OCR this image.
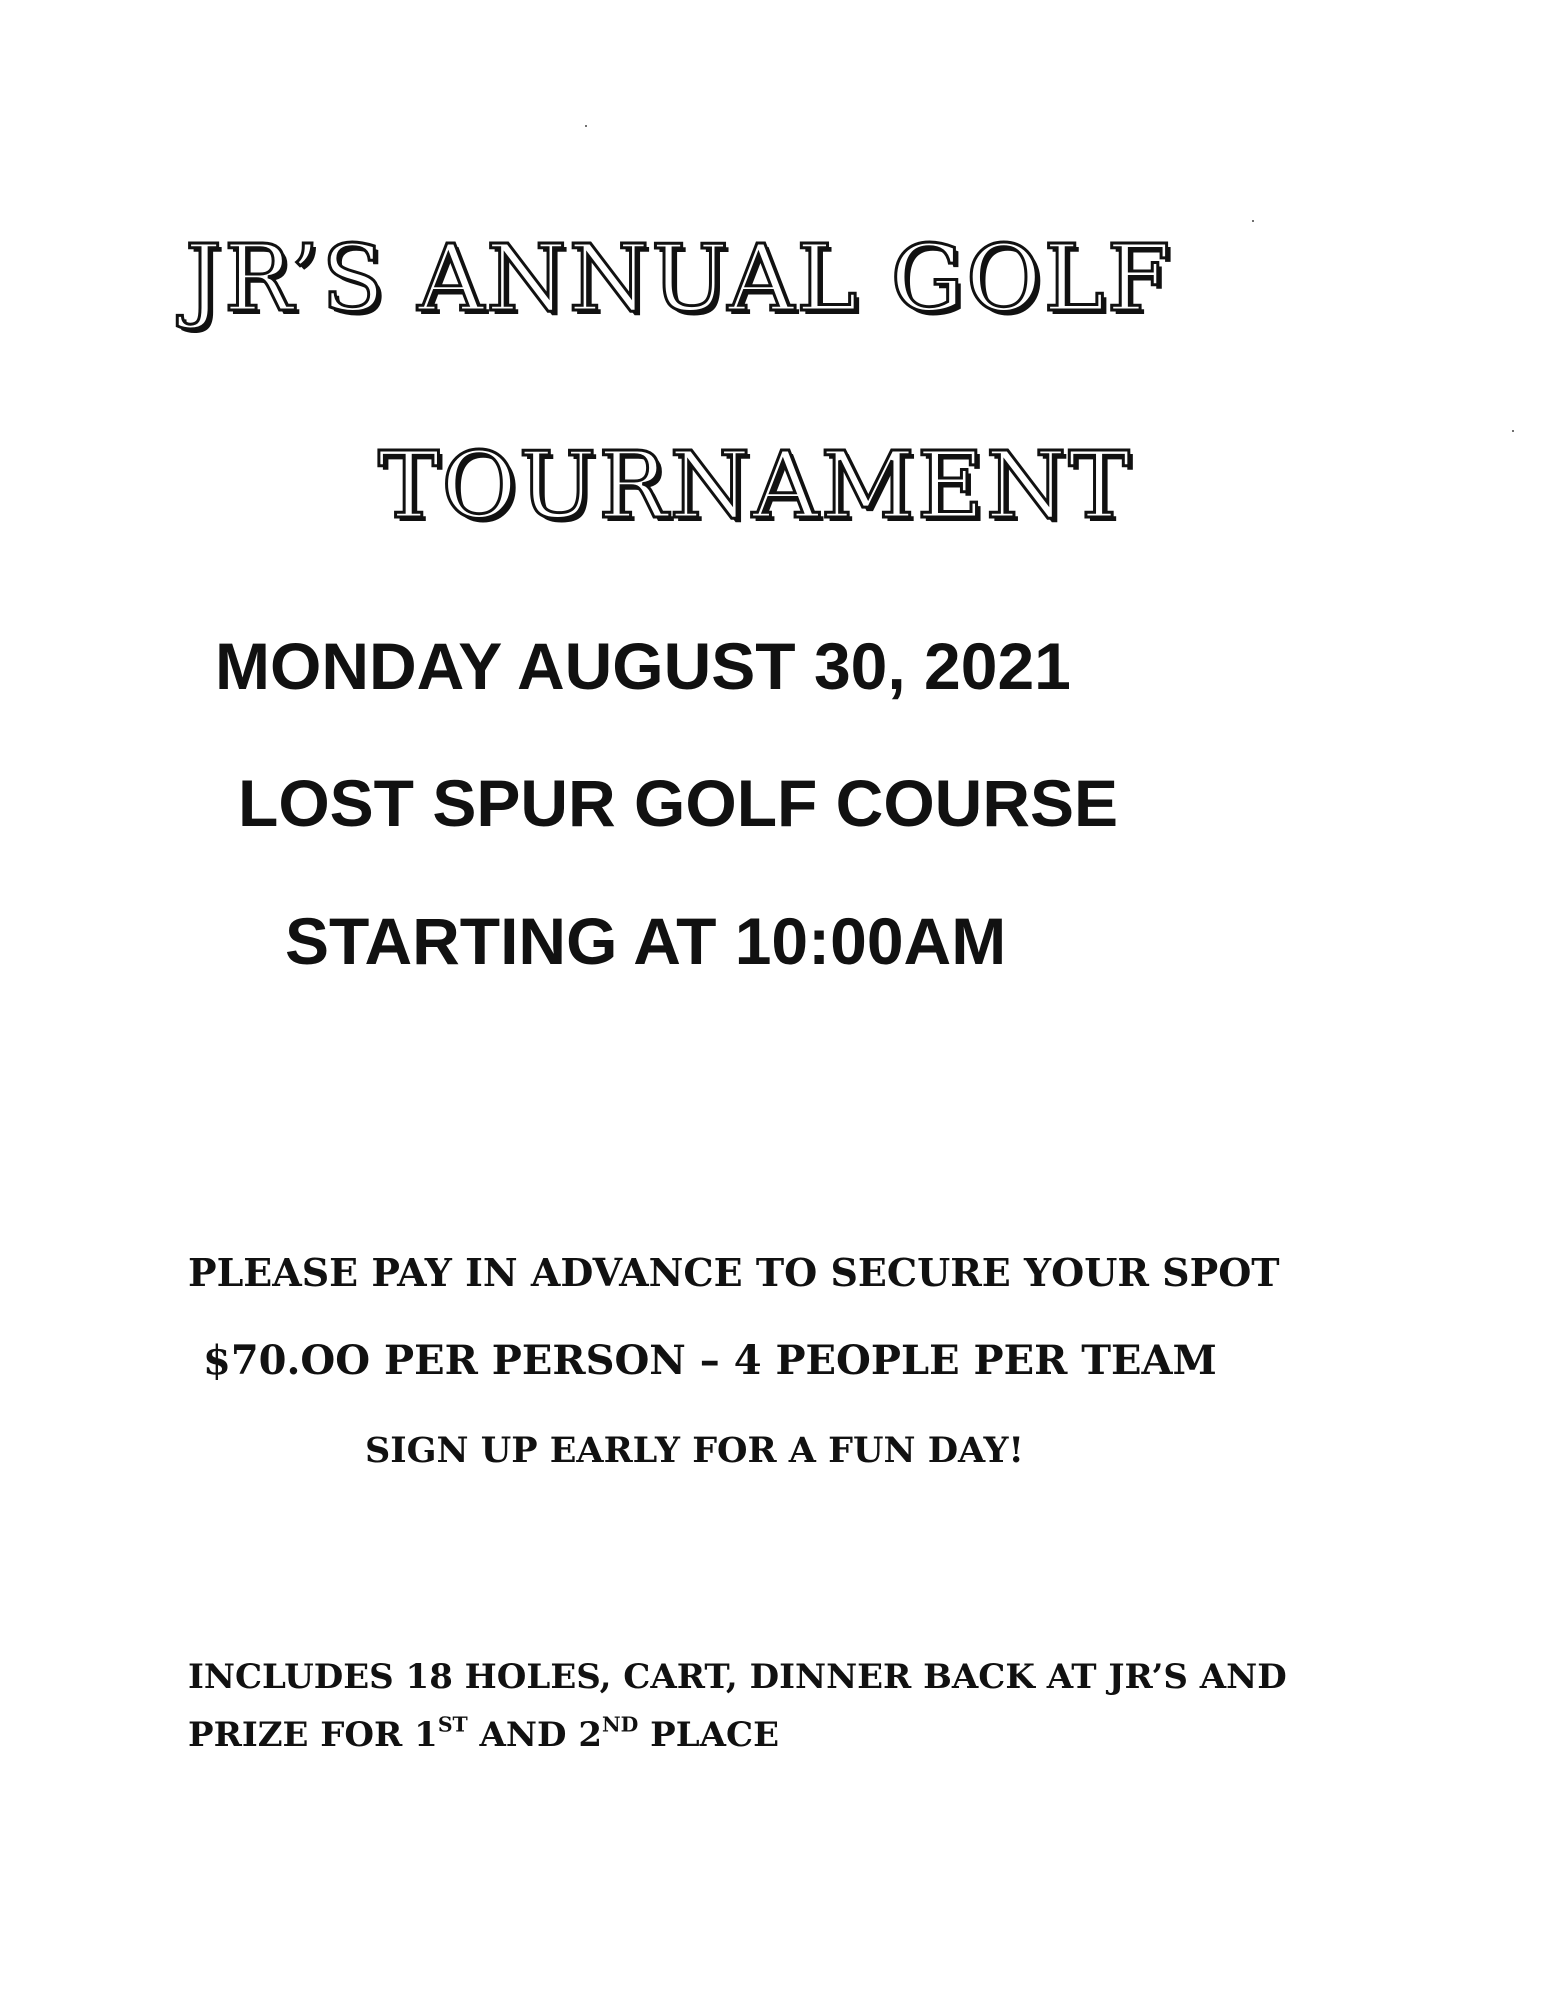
JR’S ANNUAL GOLF
TOURNAMENT

MONDAY AUGUST 30, 2021

LOST SPUR GOLF COURSE

STARTING AT 10:00AM

PLEASE PAY IN ADVANCE TO SECURE YOUR SPOT

$70.OO PER PERSON – 4 PEOPLE PER TEAM

SIGN UP EARLY FOR A FUN DAY!

INCLUDES 18 HOLES, CART, DINNER BACK AT JR’S AND

PRIZE FOR 1ST AND 2ND PLACE
